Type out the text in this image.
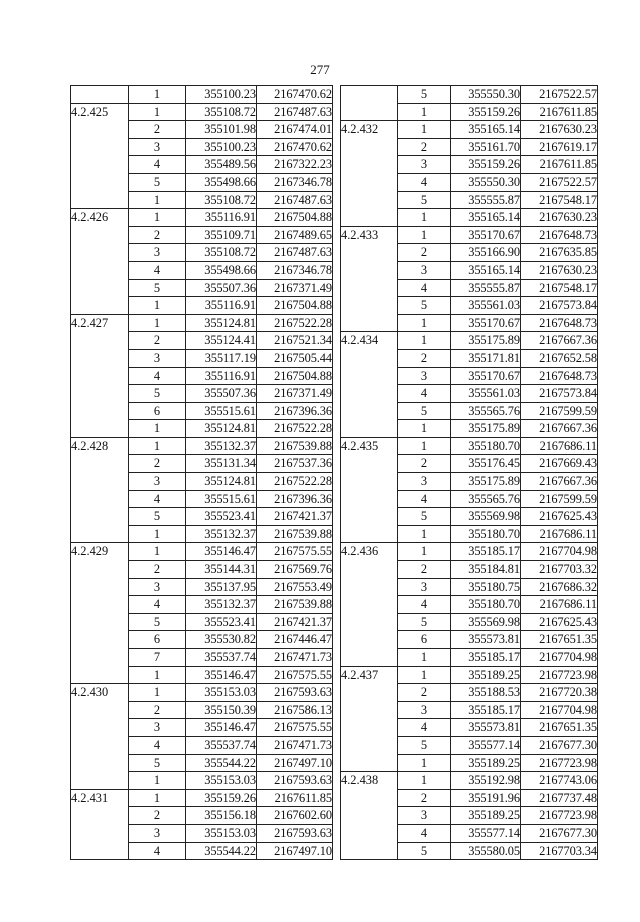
277
	1	355100.23	2167470.62
4.2.425	1	355108.72	2167487.63
	2	355101.98	2167474.01
	3	355100.23	2167470.62
	4	355489.56	2167322.23
	5	355498.66	2167346.78
	1	355108.72	2167487.63
4.2.426	1	355116.91	2167504.88
	2	355109.71	2167489.65
	3	355108.72	2167487.63
	4	355498.66	2167346.78
	5	355507.36	2167371.49
	1	355116.91	2167504.88
4.2.427	1	355124.81	2167522.28
	2	355124.41	2167521.34
	3	355117.19	2167505.44
	4	355116.91	2167504.88
	5	355507.36	2167371.49
	6	355515.61	2167396.36
	1	355124.81	2167522.28
4.2.428	1	355132.37	2167539.88
	2	355131.34	2167537.36
	3	355124.81	2167522.28
	4	355515.61	2167396.36
	5	355523.41	2167421.37
	1	355132.37	2167539.88
4.2.429	1	355146.47	2167575.55
	2	355144.31	2167569.76
	3	355137.95	2167553.49
	4	355132.37	2167539.88
	5	355523.41	2167421.37
	6	355530.82	2167446.47
	7	355537.74	2167471.73
	1	355146.47	2167575.55
4.2.430	1	355153.03	2167593.63
	2	355150.39	2167586.13
	3	355146.47	2167575.55
	4	355537.74	2167471.73
	5	355544.22	2167497.10
	1	355153.03	2167593.63
4.2.431	1	355159.26	2167611.85
	2	355156.18	2167602.60
	3	355153.03	2167593.63
	4	355544.22	2167497.10
	5	355550.30	2167522.57
	1	355159.26	2167611.85
4.2.432	1	355165.14	2167630.23
	2	355161.70	2167619.17
	3	355159.26	2167611.85
	4	355550.30	2167522.57
	5	355555.87	2167548.17
	1	355165.14	2167630.23
4.2.433	1	355170.67	2167648.73
	2	355166.90	2167635.85
	3	355165.14	2167630.23
	4	355555.87	2167548.17
	5	355561.03	2167573.84
	1	355170.67	2167648.73
4.2.434	1	355175.89	2167667.36
	2	355171.81	2167652.58
	3	355170.67	2167648.73
	4	355561.03	2167573.84
	5	355565.76	2167599.59
	1	355175.89	2167667.36
4.2.435	1	355180.70	2167686.11
	2	355176.45	2167669.43
	3	355175.89	2167667.36
	4	355565.76	2167599.59
	5	355569.98	2167625.43
	1	355180.70	2167686.11
4.2.436	1	355185.17	2167704.98
	2	355184.81	2167703.32
	3	355180.75	2167686.32
	4	355180.70	2167686.11
	5	355569.98	2167625.43
	6	355573.81	2167651.35
	1	355185.17	2167704.98
4.2.437	1	355189.25	2167723.98
	2	355188.53	2167720.38
	3	355185.17	2167704.98
	4	355573.81	2167651.35
	5	355577.14	2167677.30
	1	355189.25	2167723.98
4.2.438	1	355192.98	2167743.06
	2	355191.96	2167737.48
	3	355189.25	2167723.98
	4	355577.14	2167677.30
	5	355580.05	2167703.34
